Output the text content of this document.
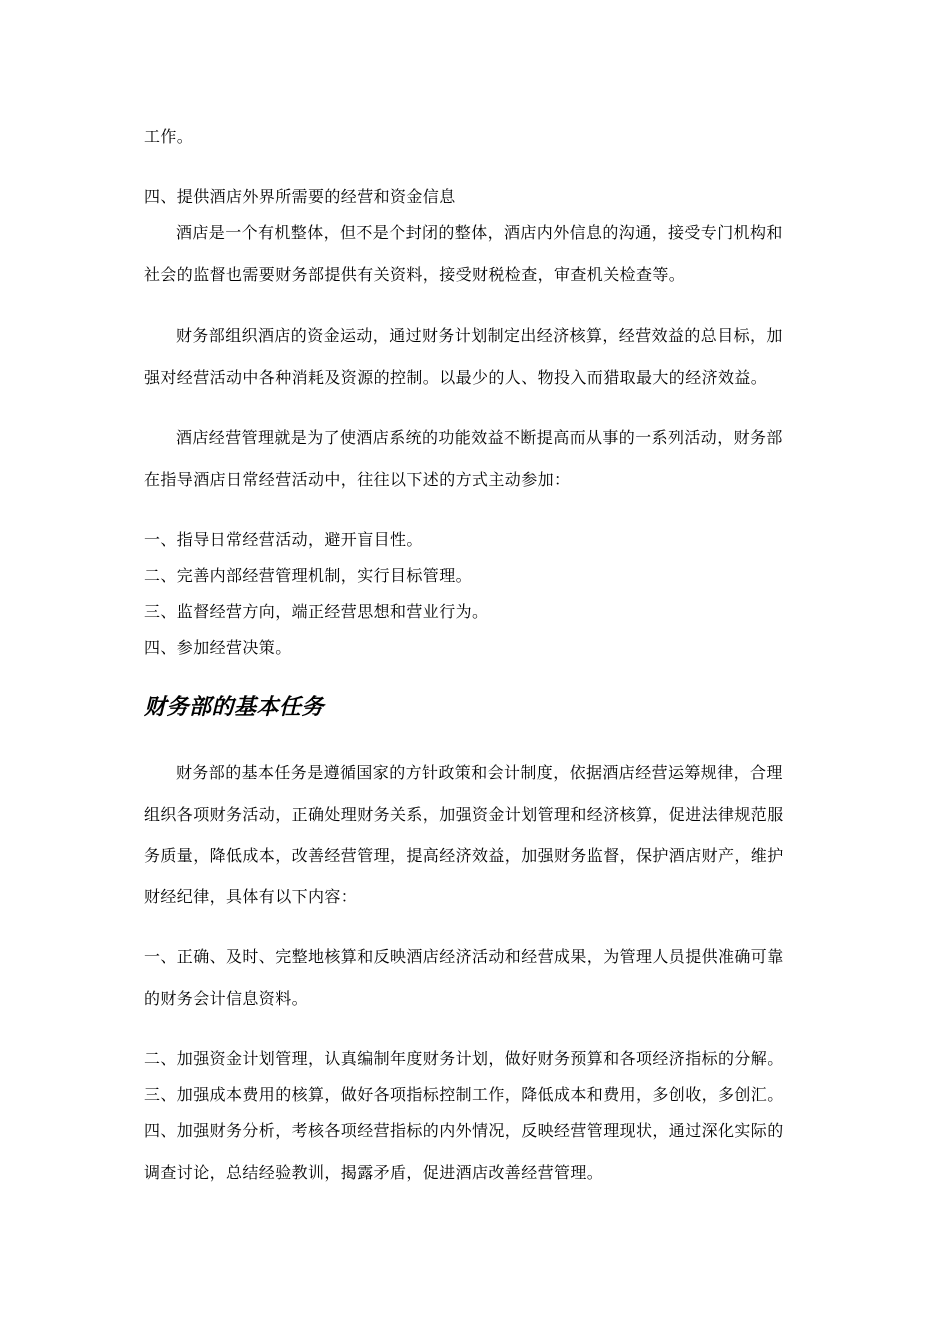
工作。
四、提供酒店外界所需要的经营和资金信息
酒店是一个有机整体，但不是个封闭的整体，酒店内外信息的沟通，接受专门机构和
社会的监督也需要财务部提供有关资料，接受财税检查，审查机关检查等。
财务部组织酒店的资金运动，通过财务计划制定出经济核算，经营效益的总目标，加
强对经营活动中各种消耗及资源的控制。以最少的人、物投入而猎取最大的经济效益。
酒店经营管理就是为了使酒店系统的功能效益不断提高而从事的一系列活动，财务部
在指导酒店日常经营活动中，往往以下述的方式主动参加：
一、指导日常经营活动，避开盲目性。
二、完善内部经营管理机制，实行目标管理。
三、监督经营方向，端正经营思想和营业行为。
四、参加经营决策。
财务部的基本任务
财务部的基本任务是遵循国家的方针政策和会计制度，依据酒店经营运筹规律，合理
组织各项财务活动，正确处理财务关系，加强资金计划管理和经济核算，促进法律规范服
务质量，降低成本，改善经营管理，提高经济效益，加强财务监督，保护酒店财产，维护
财经纪律，具体有以下内容：
一、正确、及时、完整地核算和反映酒店经济活动和经营成果，为管理人员提供准确可靠
的财务会计信息资料。
二、加强资金计划管理，认真编制年度财务计划，做好财务预算和各项经济指标的分解。
三、加强成本费用的核算，做好各项指标控制工作，降低成本和费用，多创收，多创汇。
四、加强财务分析，考核各项经营指标的内外情况，反映经营管理现状，通过深化实际的
调查讨论，总结经验教训，揭露矛盾，促进酒店改善经营管理。
